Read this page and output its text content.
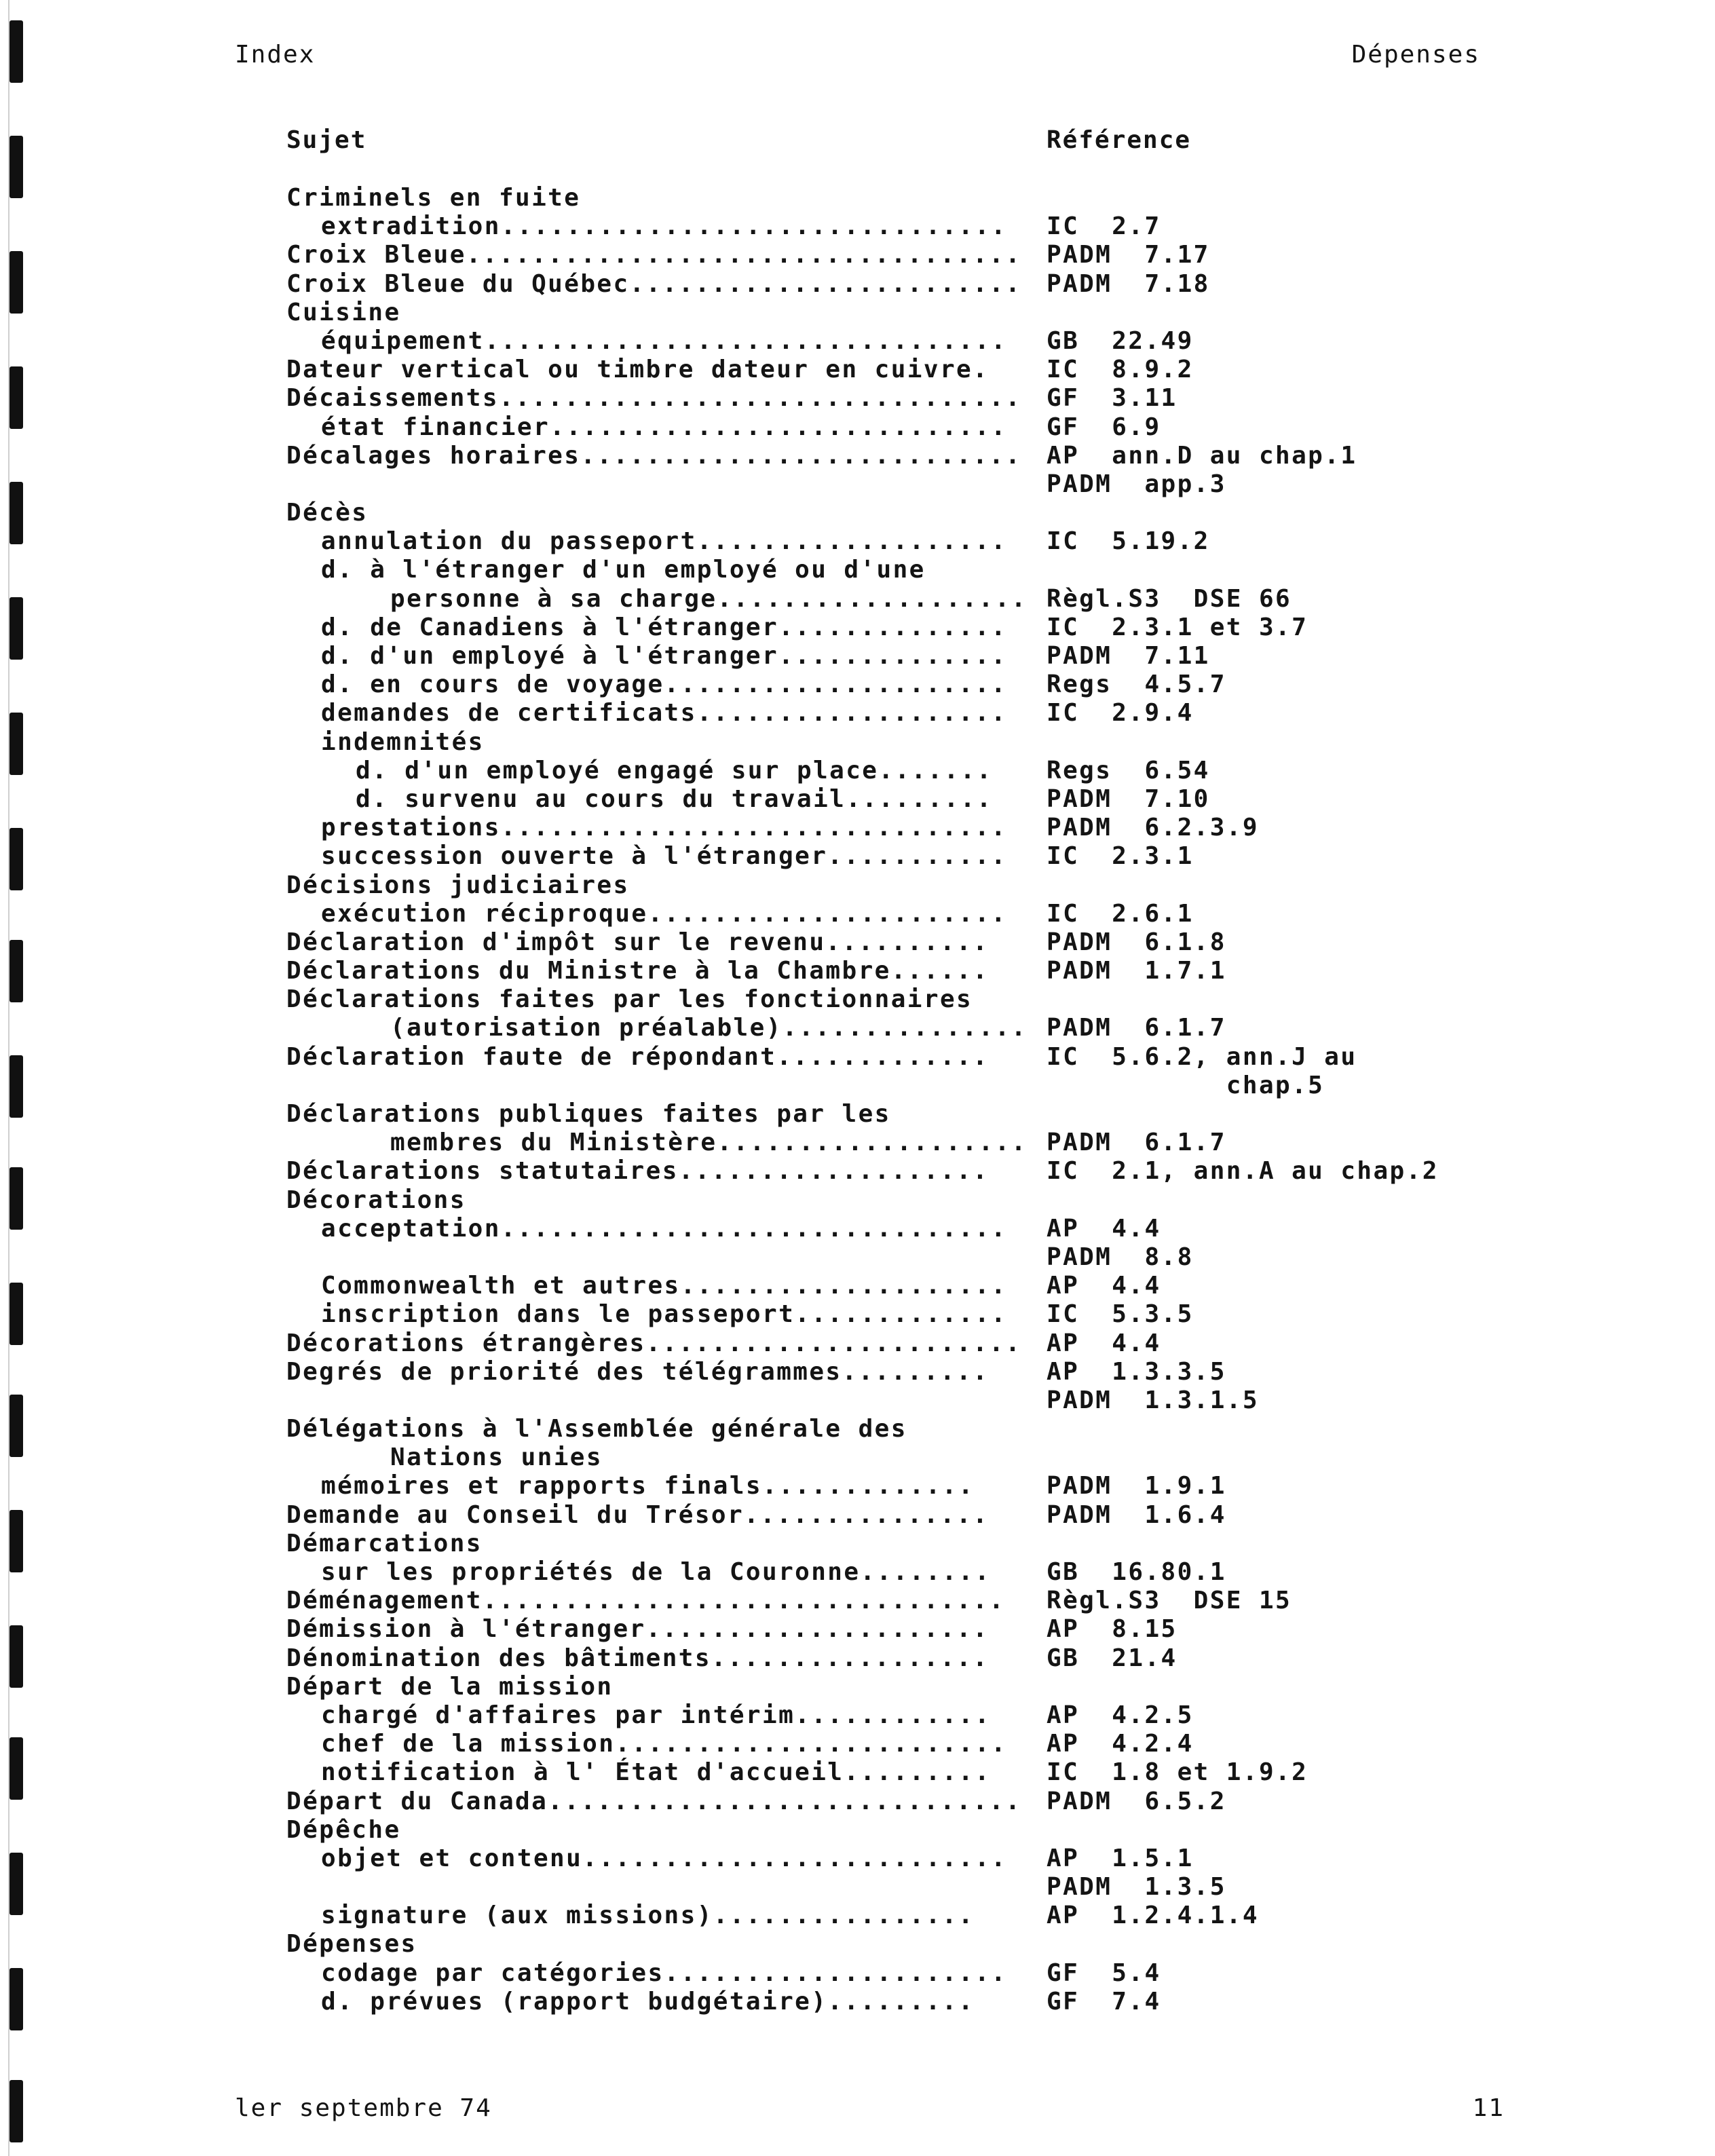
Index	Dépenses
Sujet	Référence
Criminels en fuite
extradition............................... IC  2.7
Croix Bleue.................................. PADM  7.17
Croix Bleue du Québec........................ PADM  7.18
Cuisine
équipement................................ GB  22.49
Dateur vertical ou timbre dateur en cuivre. IC  8.9.2
Décaissements................................ GF  3.11
état financier............................ GF  6.9
Décalages horaires........................... AP  ann.D au chap.1
PADM  app.3
Décès
annulation du passeport................... IC  5.19.2
d. à l'étranger d'un employé ou d'une
personne à sa charge................... Règl.S3  DSE 66
d. de Canadiens à l'étranger.............. IC  2.3.1 et 3.7
d. d'un employé à l'étranger.............. PADM  7.11
d. en cours de voyage..................... Regs  4.5.7
demandes de certificats................... IC  2.9.4
indemnités
d. d'un employé engagé sur place....... Regs  6.54
d. survenu au cours du travail......... PADM  7.10
prestations............................... PADM  6.2.3.9
succession ouverte à l'étranger........... IC  2.3.1
Décisions judiciaires
exécution réciproque...................... IC  2.6.1
Déclaration d'impôt sur le revenu.......... PADM  6.1.8
Déclarations du Ministre à la Chambre...... PADM  1.7.1
Déclarations faites par les fonctionnaires
(autorisation préalable)............... PADM  6.1.7
Déclaration faute de répondant............. IC  5.6.2, ann.J au
chap.5
Déclarations publiques faites par les
membres du Ministère................... PADM  6.1.7
Déclarations statutaires................... IC  2.1, ann.A au chap.2
Décorations
acceptation............................... AP  4.4
PADM  8.8
Commonwealth et autres.................... AP  4.4
inscription dans le passeport............. IC  5.3.5
Décorations étrangères....................... AP  4.4
Degrés de priorité des télégrammes......... AP  1.3.3.5
PADM  1.3.1.5
Délégations à l'Assemblée générale des
Nations unies
mémoires et rapports finals.............	PADM  1.9.1
Demande au Conseil du Trésor............... PADM  1.6.4
Démarcations
sur les propriétés de la Couronne........ GB  16.80.1
Déménagement................................ Règl.S3  DSE 15
Démission à l'étranger..................... AP  8.15
Dénomination des bâtiments................. GB  21.4
Départ de la mission
chargé d'affaires par intérim............ AP  4.2.5
chef de la mission........................ AP  4.2.4
notification à l' État d'accueil......... IC  1.8 et 1.9.2
Départ du Canada............................. PADM  6.5.2
Dépêche
objet et contenu.......................... AP  1.5.1
PADM  1.3.5
signature (aux missions)................	AP  1.2.4.1.4
Dépenses
codage par catégories..................... GF  5.4
d. prévues (rapport budgétaire).........	GF  7.4
ler septembre 74	11
